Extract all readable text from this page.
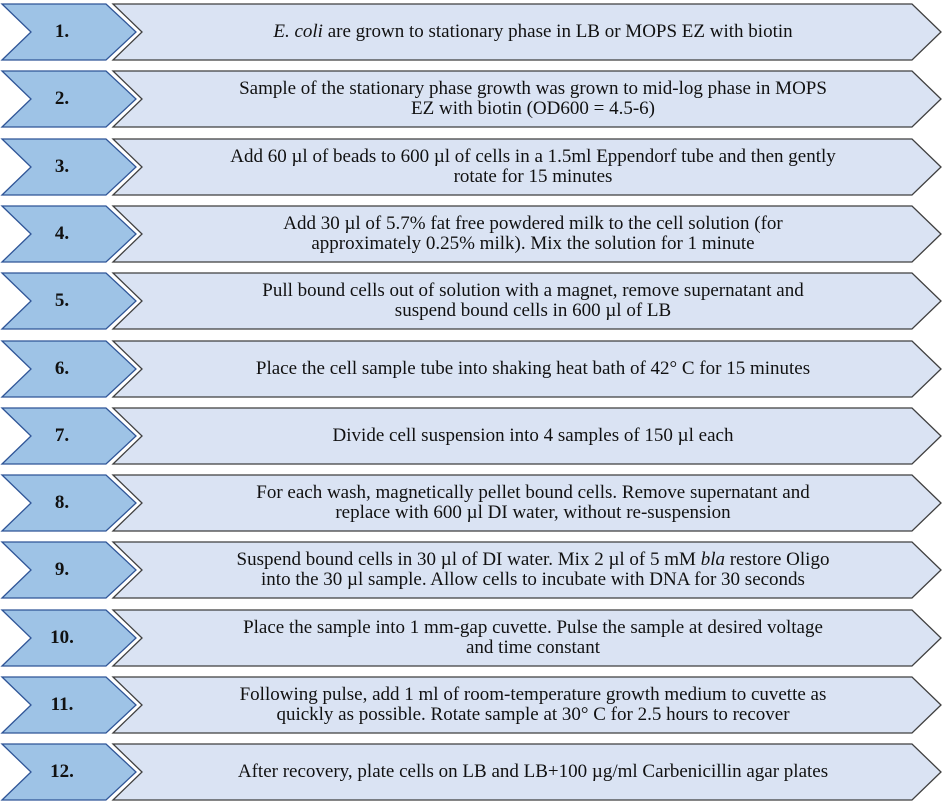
1.	E. coli are grown to stationary phase in LB or MOPS EZ with biotin
2.	Sample of the stationary phase growth was grown to mid-log phase in MOPS
EZ with biotin (OD600 = 4.5-6)
3.	Add 60 µl of beads to 600 µl of cells in a 1.5ml Eppendorf tube and then gently
rotate for 15 minutes
4.	Add 30 µl of 5.7% fat free powdered milk to the cell solution (for
approximately 0.25% milk). Mix the solution for 1 minute
5.	Pull bound cells out of solution with a magnet, remove supernatant and
suspend bound cells in 600 µl of LB
6.	Place the cell sample tube into shaking heat bath of 42° C for 15 minutes
7.	Divide cell suspension into 4 samples of 150 µl each
8.	For each wash, magnetically pellet bound cells. Remove supernatant and
replace with 600 µl DI water, without re-suspension
9.	Suspend bound cells in 30 µl of DI water. Mix 2 µl of 5 mM bla restore Oligo
into the 30 µl sample. Allow cells to incubate with DNA for 30 seconds
10.	Place the sample into 1 mm-gap cuvette. Pulse the sample at desired voltage
and time constant
11.	Following pulse, add 1 ml of room-temperature growth medium to cuvette as
quickly as possible. Rotate sample at 30° C for 2.5 hours to recover
12.	After recovery, plate cells on LB and LB+100 µg/ml Carbenicillin agar plates
